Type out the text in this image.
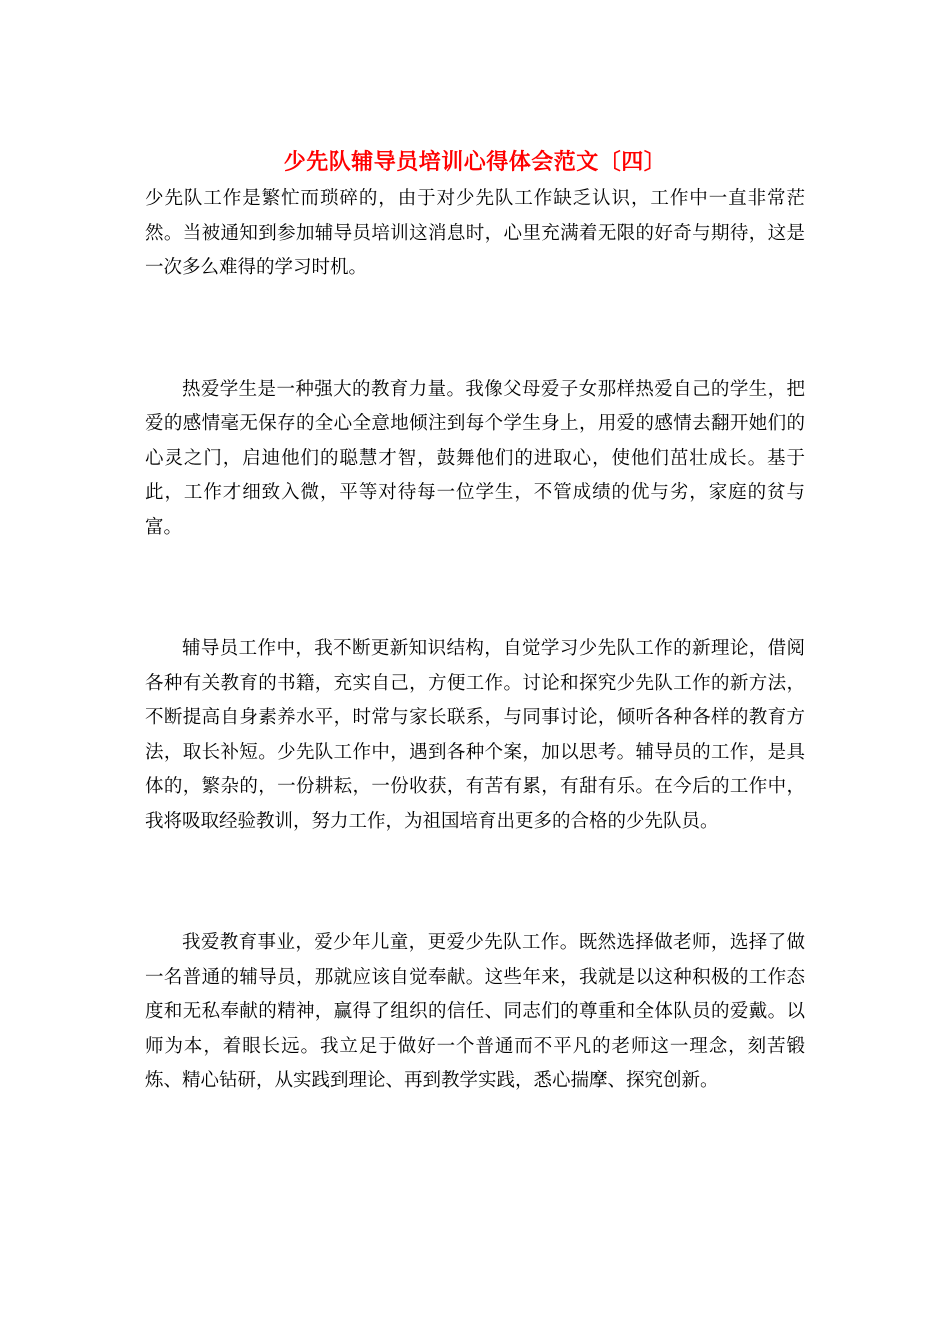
少先队辅导员培训心得体会范文〔四〕

少先队工作是繁忙而琐碎的，由于对少先队工作缺乏认识，工作中一直非常茫然。当被通知到参加辅导员培训这消息时，心里充满着无限的好奇与期待，这是一次多么难得的学习时机。

热爱学生是一种强大的教育力量。我像父母爱子女那样热爱自己的学生，把爱的感情毫无保存的全心全意地倾注到每个学生身上，用爱的感情去翻开她们的心灵之门，启迪他们的聪慧才智，鼓舞他们的进取心，使他们茁壮成长。基于此，工作才细致入微，平等对待每一位学生，不管成绩的优与劣，家庭的贫与富。

辅导员工作中，我不断更新知识结构，自觉学习少先队工作的新理论，借阅各种有关教育的书籍，充实自己，方便工作。讨论和探究少先队工作的新方法，不断提高自身素养水平，时常与家长联系，与同事讨论，倾听各种各样的教育方法，取长补短。少先队工作中，遇到各种个案，加以思考。辅导员的工作，是具体的，繁杂的，一份耕耘，一份收获，有苦有累，有甜有乐。在今后的工作中，我将吸取经验教训，努力工作，为祖国培育出更多的合格的少先队员。

我爱教育事业，爱少年儿童，更爱少先队工作。既然选择做老师，选择了做一名普通的辅导员，那就应该自觉奉献。这些年来，我就是以这种积极的工作态度和无私奉献的精神，赢得了组织的信任、同志们的尊重和全体队员的爱戴。以师为本，着眼长远。我立足于做好一个普通而不平凡的老师这一理念，刻苦锻炼、精心钻研，从实践到理论、再到教学实践，悉心揣摩、探究创新。
